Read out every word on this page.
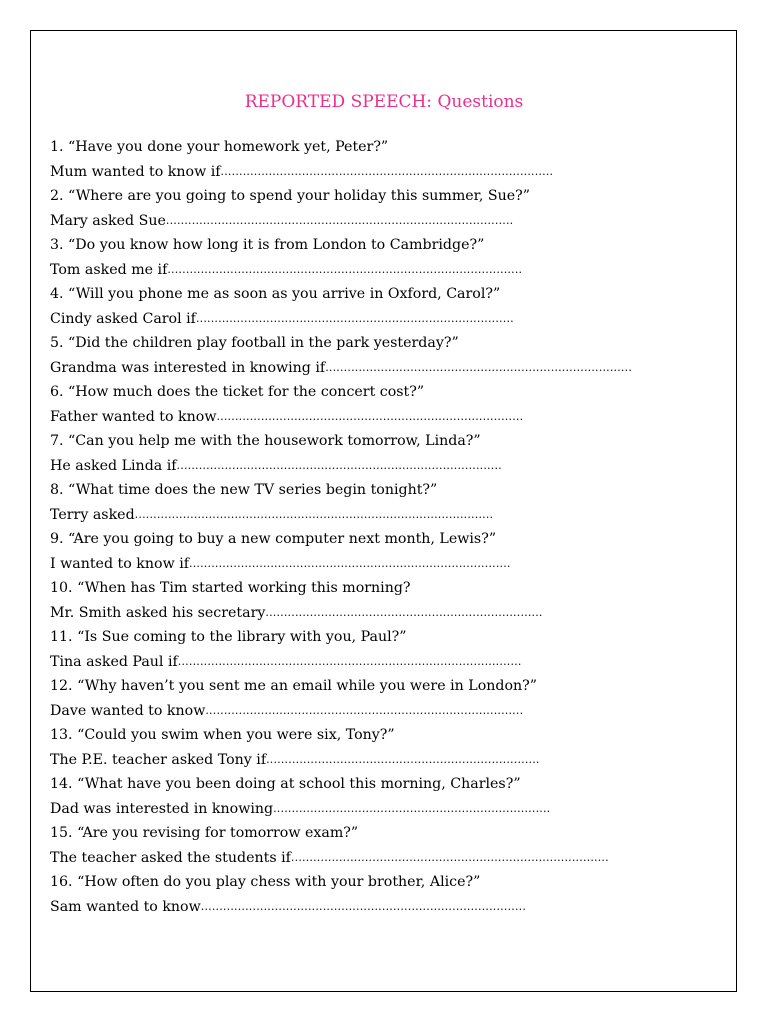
REPORTED SPEECH: Questions
1. “Have you done your homework yet, Peter?”
Mum wanted to know if ..........................................................................................
2. “Where are you going to spend your holiday this summer, Sue?”
Mary asked Sue ..............................................................................................
3. “Do you know how long it is from London to Cambridge?”
Tom asked me if ................................................................................................
4. “Will you phone me as soon as you arrive in Oxford, Carol?”
Cindy asked Carol if ......................................................................................
5. “Did the children play football in the park yesterday?”
Grandma was interested in knowing if ...................................................................................
6. “How much does the ticket for the concert cost?”
Father wanted to know ...................................................................................
7. “Can you help me with the housework tomorrow, Linda?”
He asked Linda if ........................................................................................
8. “What time does the new TV series begin tonight?”
Terry asked .................................................................................................
9. “Are you going to buy a new computer next month, Lewis?”
I wanted to know if .......................................................................................
10. “When has Tim started working this morning?
Mr. Smith asked his secretary ...........................................................................
11. “Is Sue coming to the library with you, Paul?”
Tina asked Paul if .............................................................................................
12. “Why haven’t you sent me an email while you were in London?”
Dave wanted to know ......................................................................................
13. “Could you swim when you were six, Tony?”
The P.E. teacher asked Tony if ..........................................................................
14. “What have you been doing at school this morning, Charles?”
Dad was interested in knowing ...........................................................................
15. “Are you revising for tomorrow exam?”
The teacher asked the students if ......................................................................................
16. “How often do you play chess with your brother, Alice?”
Sam wanted to know ........................................................................................
